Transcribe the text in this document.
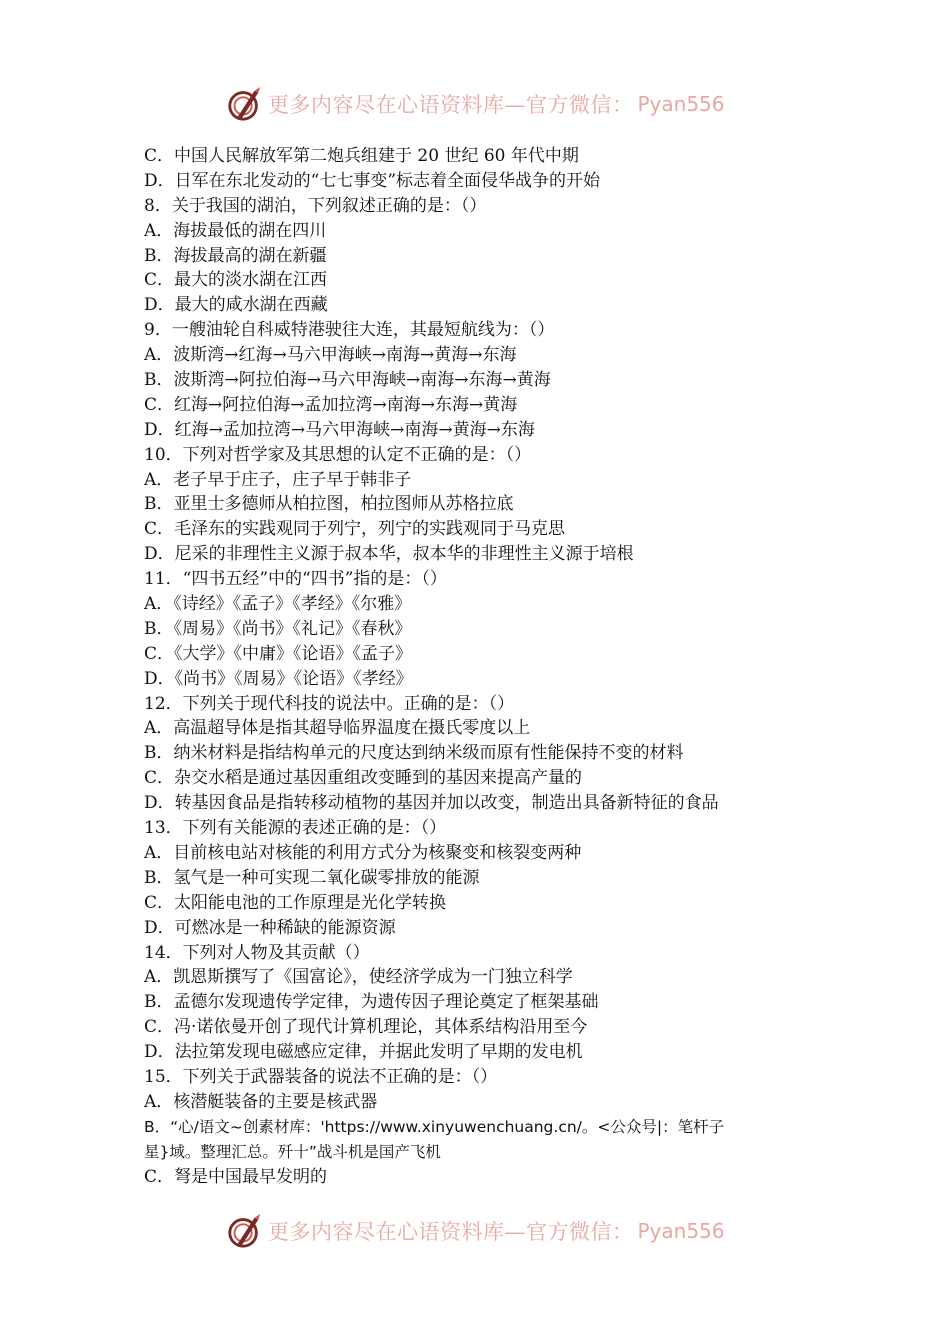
更多内容尽在心语资料库—官方微信： Pyan556
C．中国人民解放军第二炮兵组建于 20 世纪 60 年代中期
D．日军在东北发动的“七七事变”标志着全面侵华战争的开始
8．关于我国的湖泊，下列叙述正确的是：（）
A．海拔最低的湖在四川
B．海拔最高的湖在新疆
C．最大的淡水湖在江西
D．最大的咸水湖在西藏
9．一艘油轮自科威特港驶往大连，其最短航线为：（）
A．波斯湾→红海→马六甲海峡→南海→黄海→东海
B．波斯湾→阿拉伯海→马六甲海峡→南海→东海→黄海
C．红海→阿拉伯海→孟加拉湾→南海→东海→黄海
D．红海→孟加拉湾→马六甲海峡→南海→黄海→东海
10．下列对哲学家及其思想的认定不正确的是：（）
A．老子早于庄子，庄子早于韩非子
B．亚里士多德师从柏拉图，柏拉图师从苏格拉底
C．毛泽东的实践观同于列宁，列宁的实践观同于马克思
D．尼采的非理性主义源于叔本华，叔本华的非理性主义源于培根
11．“四书五经”中的“四书”指的是：（）
A．《诗经》《孟子》《孝经》《尔雅》
B．《周易》《尚书》《礼记》《春秋》
C．《大学》《中庸》《论语》《孟子》
D．《尚书》《周易》《论语》《孝经》
12．下列关于现代科技的说法中。正确的是：（）
A．高温超导体是指其超导临界温度在摄氏零度以上
B．纳米材料是指结构单元的尺度达到纳米级而原有性能保持不变的材料
C．杂交水稻是通过基因重组改变睡到的基因来提高产量的
D．转基因食品是指转移动植物的基因并加以改变，制造出具备新特征的食品
13．下列有关能源的表述正确的是：（）
A．目前核电站对核能的利用方式分为核聚变和核裂变两种
B．氢气是一种可实现二氧化碳零排放的能源
C．太阳能电池的工作原理是光化学转换
D．可燃冰是一种稀缺的能源资源
14．下列对人物及其贡献（）
A．凯恩斯撰写了《国富论》，使经济学成为一门独立科学
B．孟德尔发现遗传学定律，为遗传因子理论奠定了框架基础
C．冯·诺依曼开创了现代计算机理论，其体系结构沿用至今
D．法拉第发现电磁感应定律，并据此发明了早期的发电机
15．下列关于武器装备的说法不正确的是：（）
A．核潜艇装备的主要是核武器
B．“心/语文~创素材库：'https://www.xinyuwenchuang.cn/。<公众号|：笔杆子
星}域。整理汇总。歼十”战斗机是国产飞机
C．弩是中国最早发明的
更多内容尽在心语资料库—官方微信： Pyan556
